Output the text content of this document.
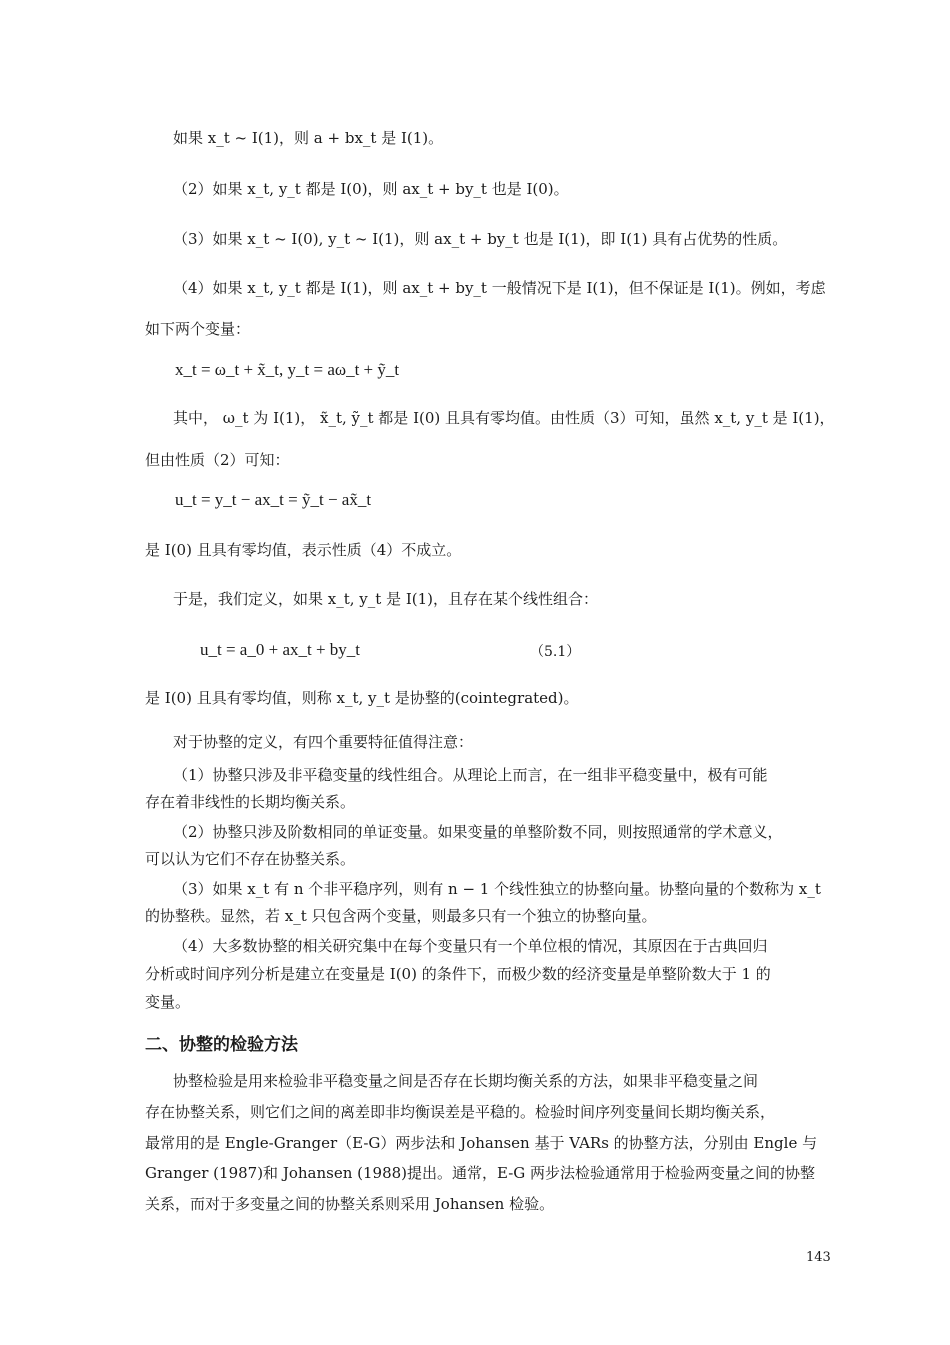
如果 x_t ~ I(1)，则 a + bx_t 是 I(1)。
（2）如果 x_t, y_t 都是 I(0)，则 ax_t + by_t 也是 I(0)。
（3）如果 x_t ~ I(0), y_t ~ I(1)，则 ax_t + by_t 也是 I(1)，即 I(1) 具有占优势的性质。
（4）如果 x_t, y_t 都是 I(1)，则 ax_t + by_t 一般情况下是 I(1)，但不保证是 I(1)。例如，考虑
如下两个变量：
x_t = ω_t + x̃_t, y_t = aω_t + ỹ_t
其中， ω_t 为 I(1)， x̃_t, ỹ_t 都是 I(0) 且具有零均值。由性质（3）可知，虽然 x_t, y_t 是 I(1)，
但由性质（2）可知：
u_t = y_t − ax_t = ỹ_t − ax̃_t
是 I(0) 且具有零均值，表示性质（4）不成立。
于是，我们定义，如果 x_t, y_t 是 I(1)，且存在某个线性组合：
u_t = a_0 + ax_t + by_t	（5.1）
是 I(0) 且具有零均值，则称 x_t, y_t 是协整的(cointegrated)。
对于协整的定义，有四个重要特征值得注意：
（1）协整只涉及非平稳变量的线性组合。从理论上而言，在一组非平稳变量中，极有可能
存在着非线性的长期均衡关系。
（2）协整只涉及阶数相同的单证变量。如果变量的单整阶数不同，则按照通常的学术意义，
可以认为它们不存在协整关系。
（3）如果 x_t 有 n 个非平稳序列，则有 n − 1 个线性独立的协整向量。协整向量的个数称为 x_t
的协整秩。显然，若 x_t 只包含两个变量，则最多只有一个独立的协整向量。
（4）大多数协整的相关研究集中在每个变量只有一个单位根的情况，其原因在于古典回归
分析或时间序列分析是建立在变量是 I(0) 的条件下，而极少数的经济变量是单整阶数大于 1 的
变量。
二、协整的检验方法
协整检验是用来检验非平稳变量之间是否存在长期均衡关系的方法，如果非平稳变量之间
存在协整关系，则它们之间的离差即非均衡误差是平稳的。检验时间序列变量间长期均衡关系，
最常用的是 Engle-Granger（E-G）两步法和 Johansen 基于 VARs 的协整方法，分别由 Engle 与
Granger (1987)和 Johansen (1988)提出。通常，E-G 两步法检验通常用于检验两变量之间的协整
关系，而对于多变量之间的协整关系则采用 Johansen 检验。
143
